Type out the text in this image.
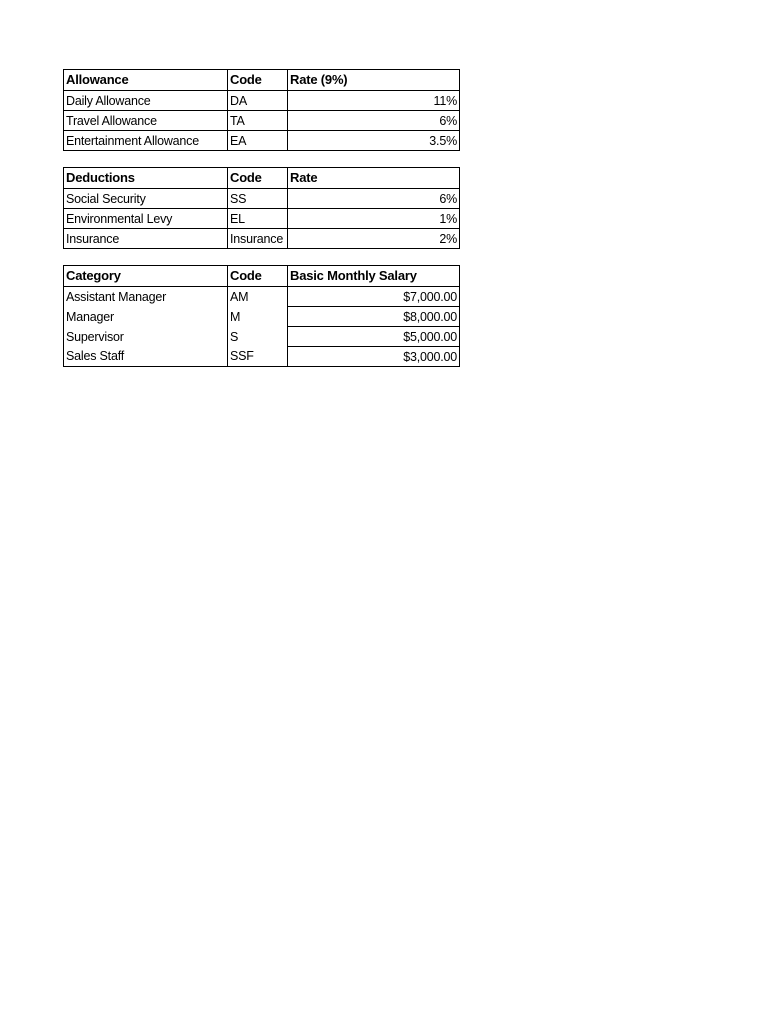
Allowance	Code	Rate (9%)
Daily Allowance	DA	11%
Travel Allowance	TA	6%
Entertainment Allowance	EA	3.5%
Deductions	Code	Rate
Social Security	SS	6%
Environmental Levy	EL	1%
Insurance	Insurance	2%
Category	Code	Basic Monthly Salary
Assistant Manager	AM	$7,000.00
Manager	M	$8,000.00
Supervisor	S	$5,000.00
Sales Staff	SSF	$3,000.00
